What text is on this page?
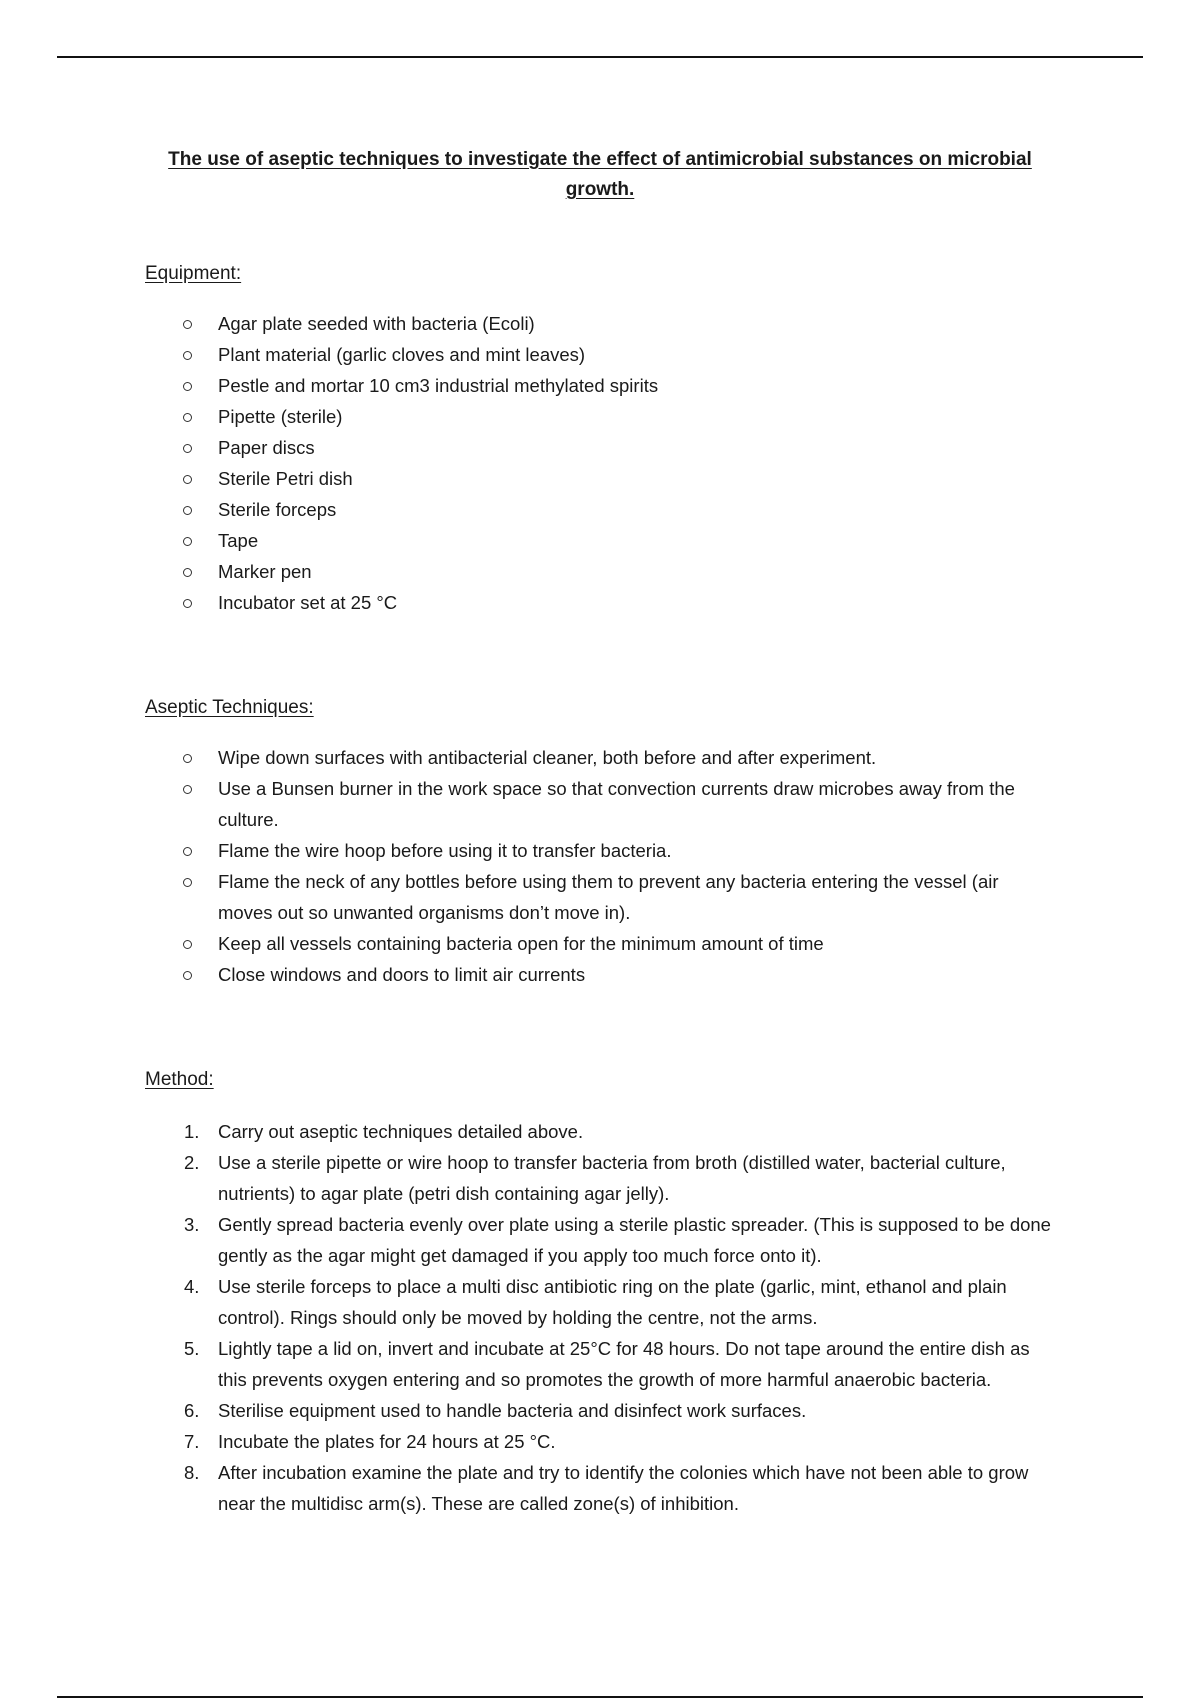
The use of aseptic techniques to investigate the effect of antimicrobial substances on microbial growth.
Equipment:
Agar plate seeded with bacteria (Ecoli)
Plant material (garlic cloves and mint leaves)
Pestle and mortar 10 cm3 industrial methylated spirits
Pipette (sterile)
Paper discs
Sterile Petri dish
Sterile forceps
Tape
Marker pen
Incubator set at 25 °C
Aseptic Techniques:
Wipe down surfaces with antibacterial cleaner, both before and after experiment.
Use a Bunsen burner in the work space so that convection currents draw microbes away from the culture.
Flame the wire hoop before using it to transfer bacteria.
Flame the neck of any bottles before using them to prevent any bacteria entering the vessel (air moves out so unwanted organisms don’t move in).
Keep all vessels containing bacteria open for the minimum amount of time
Close windows and doors to limit air currents
Method:
1.	Carry out aseptic techniques detailed above.
2.	Use a sterile pipette or wire hoop to transfer bacteria from broth (distilled water, bacterial culture, nutrients) to agar plate (petri dish containing agar jelly).
3.	Gently spread bacteria evenly over plate using a sterile plastic spreader. (This is supposed to be done gently as the agar might get damaged if you apply too much force onto it).
4.	Use sterile forceps to place a multi disc antibiotic ring on the plate (garlic, mint, ethanol and plain control). Rings should only be moved by holding the centre, not the arms.
5.	Lightly tape a lid on, invert and incubate at 25°C for 48 hours. Do not tape around the entire dish as this prevents oxygen entering and so promotes the growth of more harmful anaerobic bacteria.
6.	Sterilise equipment used to handle bacteria and disinfect work surfaces.
7.	Incubate the plates for 24 hours at 25 °C.
8.	After incubation examine the plate and try to identify the colonies which have not been able to grow near the multidisc arm(s). These are called zone(s) of inhibition.
